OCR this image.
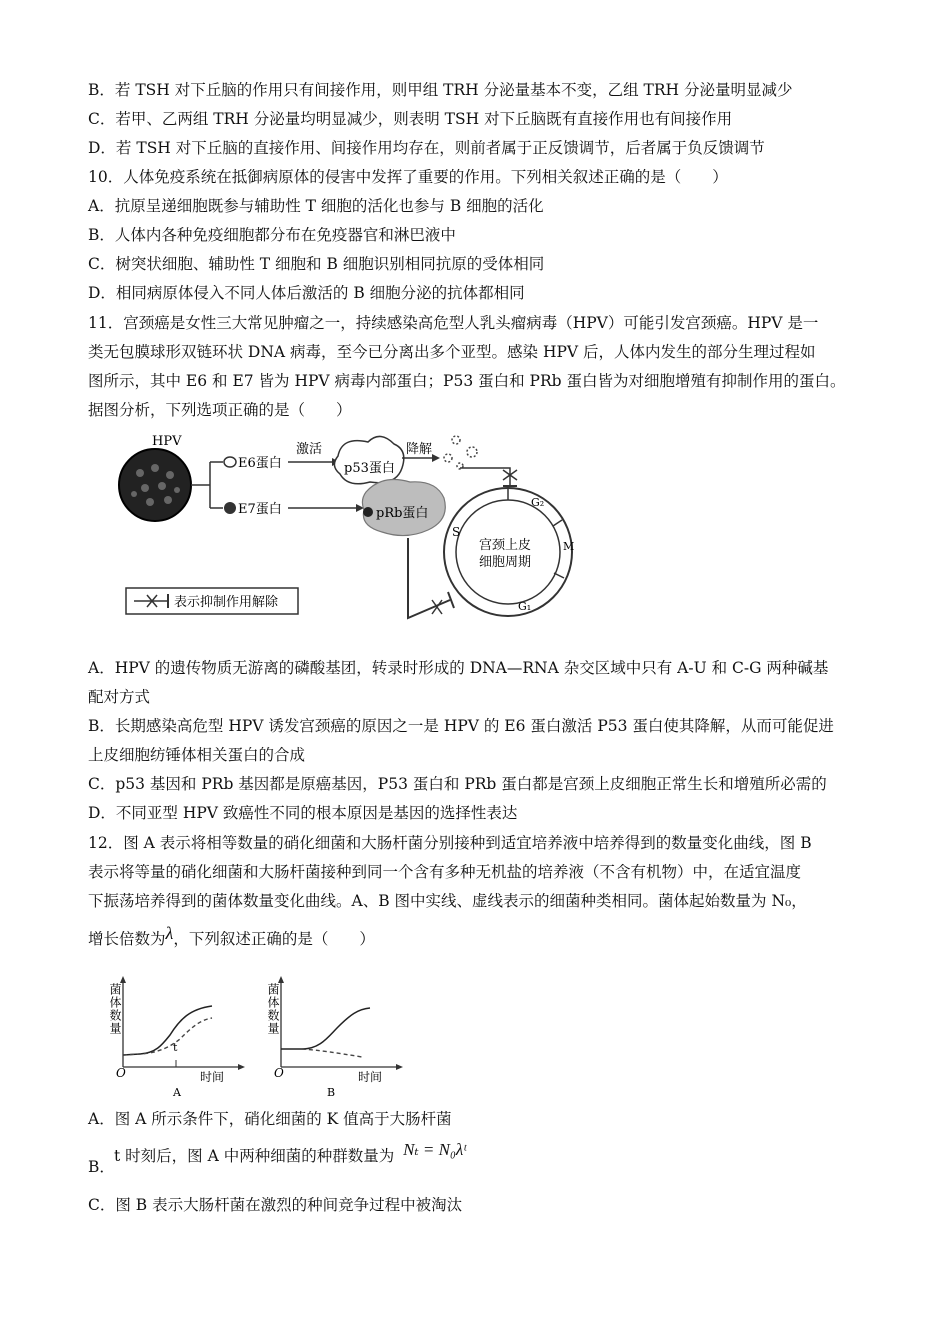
B．若 TSH 对下丘脑的作用只有间接作用，则甲组 TRH 分泌量基本不变，乙组 TRH 分泌量明显减少
C．若甲、乙两组 TRH 分泌量均明显减少，则表明 TSH 对下丘脑既有直接作用也有间接作用
D．若 TSH 对下丘脑的直接作用、间接作用均存在，则前者属于正反馈调节，后者属于负反馈调节
10．人体免疫系统在抵御病原体的侵害中发挥了重要的作用。下列相关叙述正确的是（　　）
A．抗原呈递细胞既参与辅助性 T 细胞的活化也参与 B 细胞的活化
B．人体内各种免疫细胞都分布在免疫器官和淋巴液中
C．树突状细胞、辅助性 T 细胞和 B 细胞识别相同抗原的受体相同
D．相同病原体侵入不同人体后激活的 B 细胞分泌的抗体都相同
11．宫颈癌是女性三大常见肿瘤之一，持续感染高危型人乳头瘤病毒（HPV）可能引发宫颈癌。HPV 是一
类无包膜球形双链环状 DNA 病毒，至今已分离出多个亚型。感染 HPV 后，人体内发生的部分生理过程如
图所示，其中 E6 和 E7 皆为 HPV 病毒内部蛋白；P53 蛋白和 PRb 蛋白皆为对细胞增殖有抑制作用的蛋白。
据图分析，下列选项正确的是（　　）
HPV
E6蛋白
E7蛋白
激活
p53蛋白
降解
pRb蛋白
宫颈上皮
细胞周期
S
G₂
M
G₁
表示抑制作用解除
A．HPV 的遗传物质无游离的磷酸基团，转录时形成的 DNA—RNA 杂交区域中只有 A-U 和 C-G 两种碱基
配对方式
B．长期感染高危型 HPV 诱发宫颈癌的原因之一是 HPV 的 E6 蛋白激活 P53 蛋白使其降解，从而可能促进
上皮细胞纺锤体相关蛋白的合成
C．p53 基因和 PRb 基因都是原癌基因，P53 蛋白和 PRb 蛋白都是宫颈上皮细胞正常生长和增殖所必需的
D．不同亚型 HPV 致癌性不同的根本原因是基因的选择性表达
12．图 A 表示将相等数量的硝化细菌和大肠杆菌分别接种到适宜培养液中培养得到的数量变化曲线，图 B
表示将等量的硝化细菌和大肠杆菌接种到同一个含有多种无机盐的培养液（不含有机物）中，在适宜温度
下振荡培养得到的菌体数量变化曲线。A、B 图中实线、虚线表示的细菌种类相同。菌体起始数量为 N₀，
增长倍数为λ，下列叙述正确的是（　　）
菌体数量
O
t
时间
A
菌体数量
O	时间
B
A．图 A 所示条件下，硝化细菌的 K 值高于大肠杆菌
B．
t 时刻后，图 A 中两种细菌的种群数量为 Nₜ = N₀λᵗ
C．图 B 表示大肠杆菌在激烈的种间竞争过程中被淘汰
